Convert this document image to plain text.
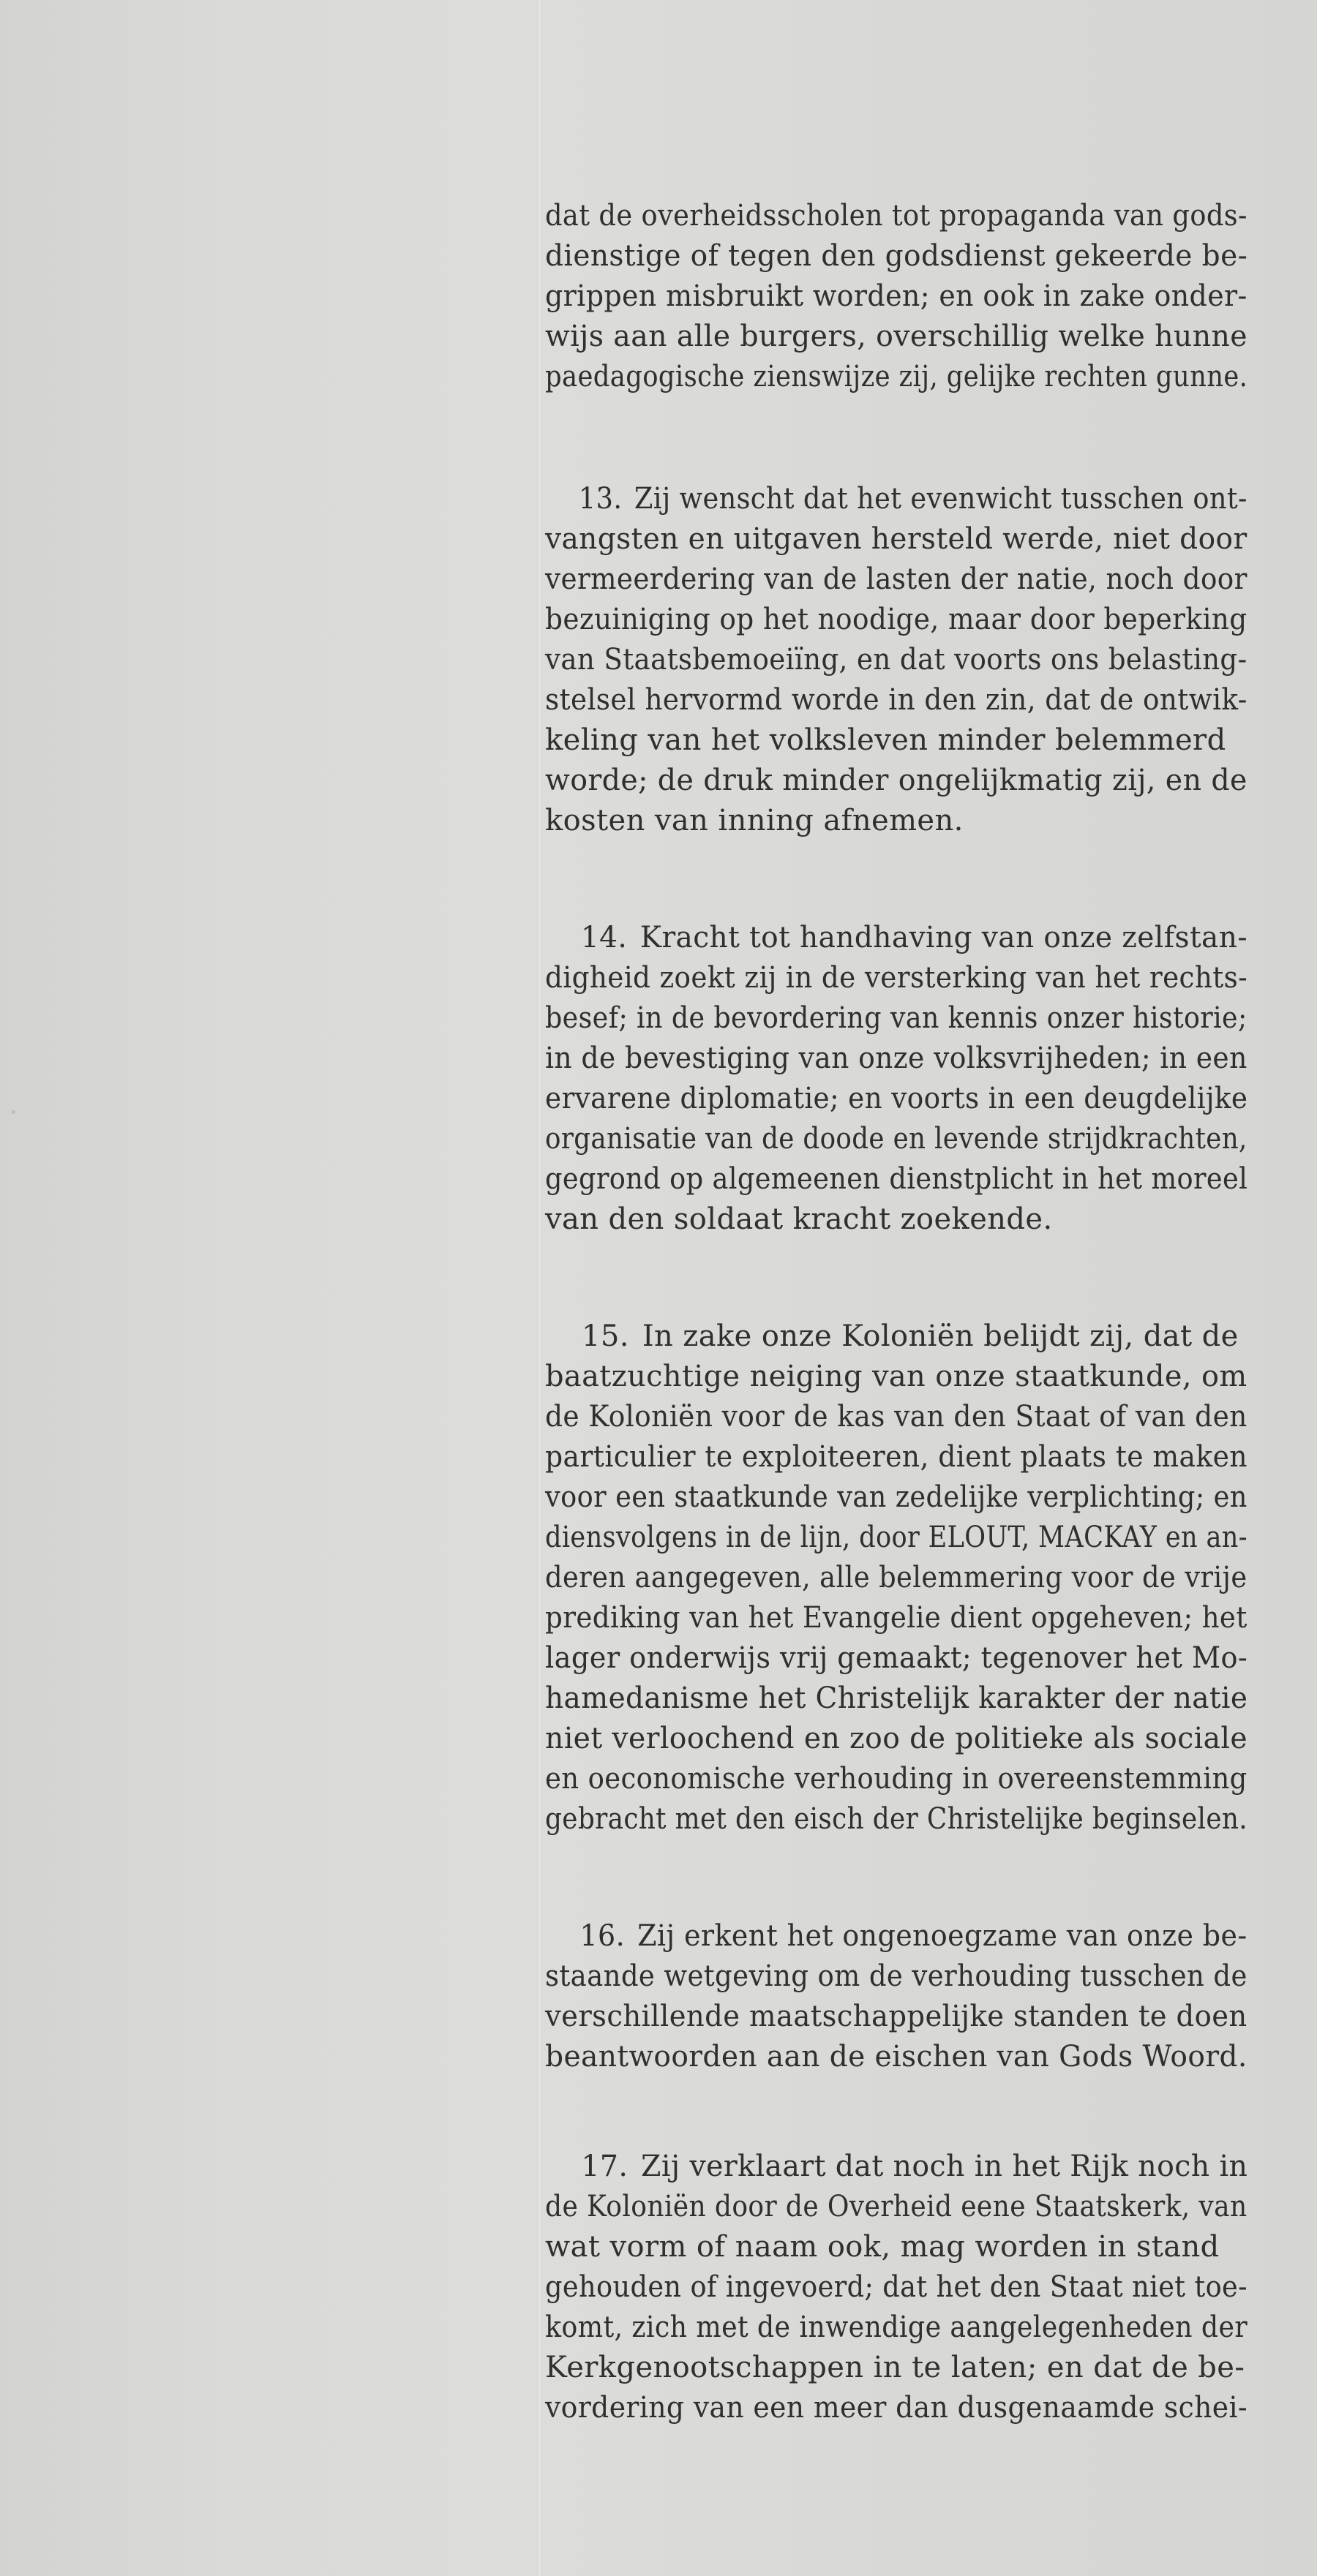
dat de overheidsscholen tot propaganda van gods-
dienstige of tegen den godsdienst gekeerde be-
grippen misbruikt worden; en ook in zake onder-
wijs aan alle burgers, overschillig welke hunne
paedagogische zienswijze zij, gelijke rechten gunne.
13. Zij wenscht dat het evenwicht tusschen ont-
vangsten en uitgaven hersteld werde, niet door
vermeerdering van de lasten der natie, noch door
bezuiniging op het noodige, maar door beperking
van Staatsbemoeiïng, en dat voorts ons belasting-
stelsel hervormd worde in den zin, dat de ontwik-
keling van het volksleven minder belemmerd
worde; de druk minder ongelijkmatig zij, en de
kosten van inning afnemen.
14. Kracht tot handhaving van onze zelfstan-
digheid zoekt zij in de versterking van het rechts-
besef; in de bevordering van kennis onzer historie;
in de bevestiging van onze volksvrijheden; in een
ervarene diplomatie; en voorts in een deugdelijke
organisatie van de doode en levende strijdkrachten,
gegrond op algemeenen dienstplicht in het moreel
van den soldaat kracht zoekende.
15. In zake onze Koloniën belijdt zij, dat de
baatzuchtige neiging van onze staatkunde, om
de Koloniën voor de kas van den Staat of van den
particulier te exploiteeren, dient plaats te maken
voor een staatkunde van zedelijke verplichting; en
diensvolgens in de lijn, door ELOUT, MACKAY en an-
deren aangegeven, alle belemmering voor de vrije
prediking van het Evangelie dient opgeheven; het
lager onderwijs vrij gemaakt; tegenover het Mo-
hamedanisme het Christelijk karakter der natie
niet verloochend en zoo de politieke als sociale
en oeconomische verhouding in overeenstemming
gebracht met den eisch der Christelijke beginselen.
16. Zij erkent het ongenoegzame van onze be-
staande wetgeving om de verhouding tusschen de
verschillende maatschappelijke standen te doen
beantwoorden aan de eischen van Gods Woord.
17. Zij verklaart dat noch in het Rijk noch in
de Koloniën door de Overheid eene Staatskerk, van
wat vorm of naam ook, mag worden in stand
gehouden of ingevoerd; dat het den Staat niet toe-
komt, zich met de inwendige aangelegenheden der
Kerkgenootschappen in te laten; en dat de be-
vordering van een meer dan dusgenaamde schei-
